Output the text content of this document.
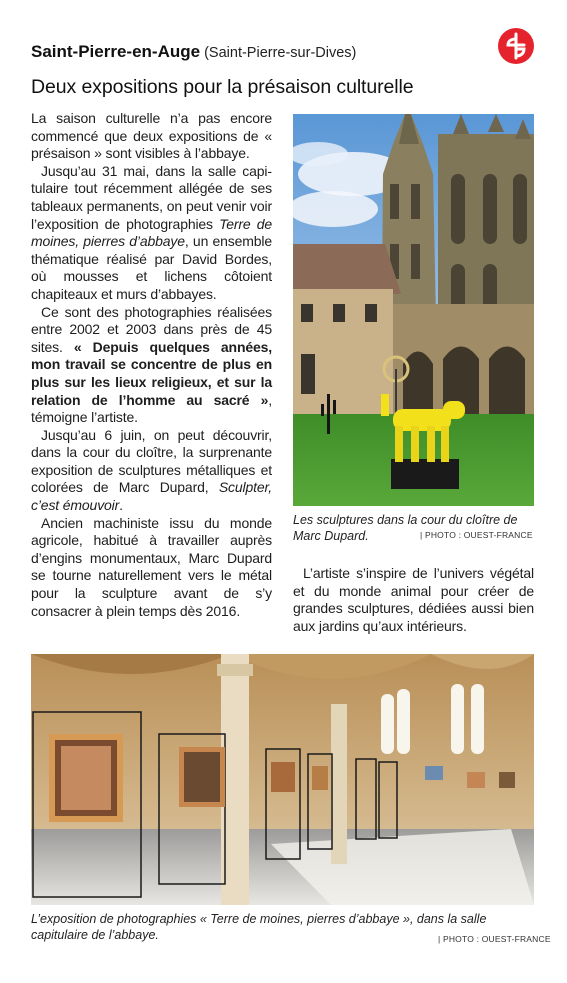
Saint-Pierre-en-Auge (Saint-Pierre-sur-Dives)
Deux expositions pour la présaison culturelle

La saison culturelle n’a pas encore commencé que deux expositions de « présaison » sont visibles à l’abbaye.

Jusqu’au 31 mai, dans la salle capitulaire tout récemment allégée de ses tableaux permanents, on peut venir voir l’exposition de photographies Terre de moines, pierres d’abbaye, un ensemble thématique réalisé par David Bordes, où mousses et lichens côtoient chapiteaux et murs d’abbayes.

Ce sont des photographies réalisées entre 2002 et 2003 dans près de 45 sites. « Depuis quelques années, mon travail se concentre de plus en plus sur les lieux religieux, et sur la relation de l’homme au sacré », témoigne l’artiste.

Jusqu’au 6 juin, on peut découvrir, dans la cour du cloître, la surprenante exposition de sculptures métalliques et colorées de Marc Dupard, Sculpter, c’est émouvoir.

Ancien machiniste issu du monde agricole, habitué à travailler auprès d’engins monumentaux, Marc Dupard se tourne naturellement vers le métal pour la sculpture avant de s’y consacrer à plein temps dès 2016.

Les sculptures dans la cour du cloître de Marc Dupard.	| PHOTO : OUEST-FRANCE

L’artiste s’inspire de l’univers végétal et du monde animal pour créer de grandes sculptures, dédiées aussi bien aux jardins qu’aux intérieurs.

L’exposition de photographies « Terre de moines, pierres d’abbaye », dans la salle capitulaire de l’abbaye.	| PHOTO : OUEST-FRANCE
